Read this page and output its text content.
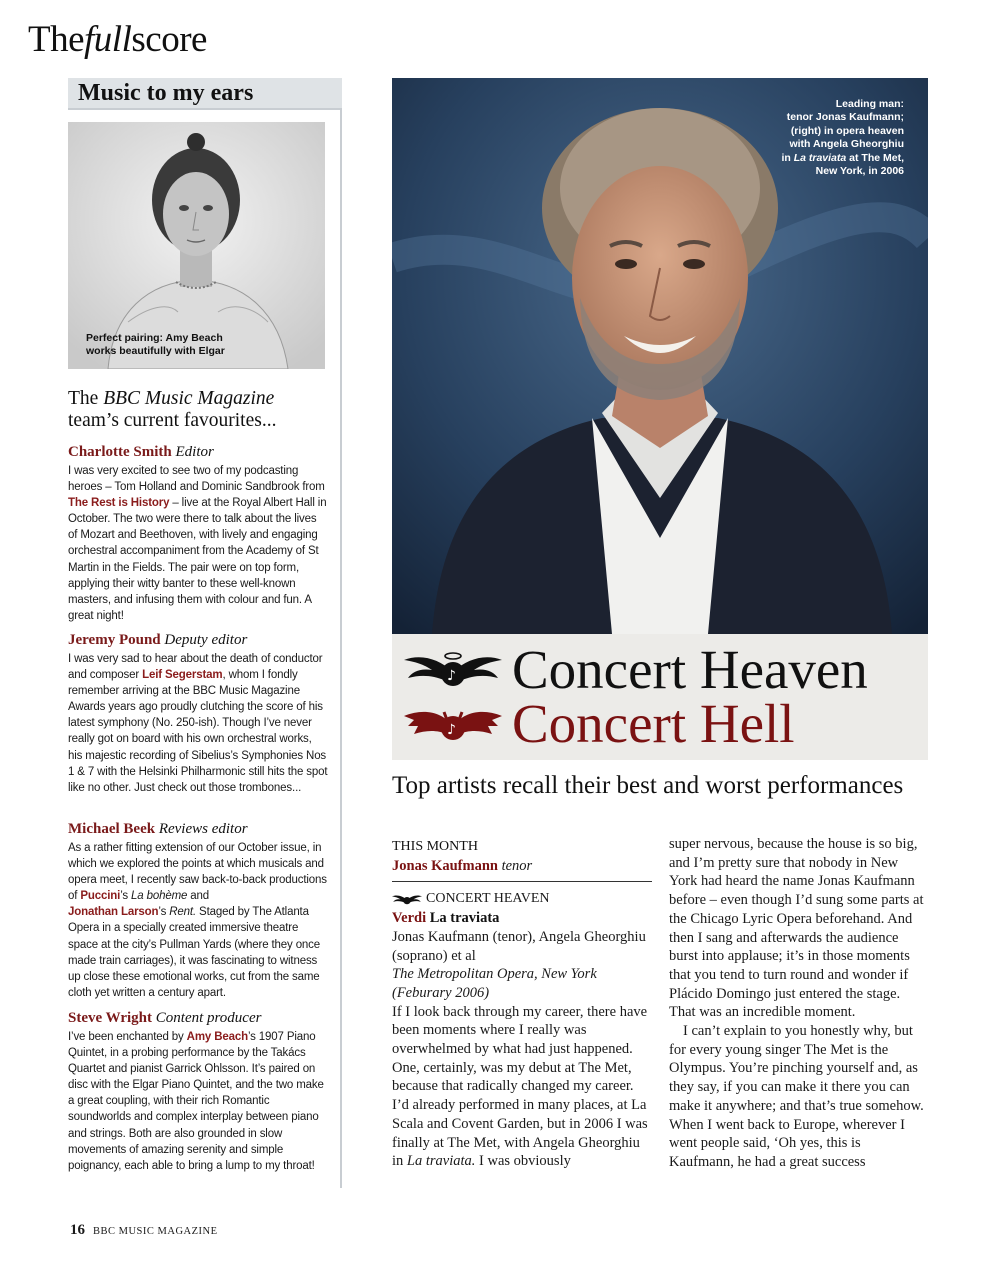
Thefullscore
Music to my ears
Perfect pairing: Amy Beach
works beautifully with Elgar
The BBC Music Magazine
team’s current favourites...
Charlotte Smith Editor
I was very excited to see two of my podcasting heroes – Tom Holland and Dominic Sandbrook from The Rest is History – live at the Royal Albert Hall in October. The two were there to talk about the lives of Mozart and Beethoven, with lively and engaging orchestral accompaniment from the Academy of St Martin in the Fields. The pair were on top form, applying their witty banter to these well-known masters, and infusing them with colour and fun. A great night!
Jeremy Pound Deputy editor
I was very sad to hear about the death of conductor and composer Leif Segerstam, whom I fondly remember arriving at the BBC Music Magazine Awards years ago proudly clutching the score of his latest symphony (No. 250-ish). Though I’ve never really got on board with his own orchestral works, his majestic recording of Sibelius’s Symphonies Nos 1 & 7 with the Helsinki Philharmonic still hits the spot like no other. Just check out those trombones...
Michael Beek Reviews editor
As a rather fitting extension of our October issue, in which we explored the points at which musicals and opera meet, I recently saw back-to-back productions of Puccini’s La bohème and
Jonathan Larson’s Rent. Staged by The Atlanta Opera in a specially created immersive theatre space at the city’s Pullman Yards (where they once made train carriages), it was fascinating to witness up close these emotional works, cut from the same cloth yet written a century apart.
Steve Wright Content producer
I’ve been enchanted by Amy Beach’s 1907 Piano Quintet, in a probing performance by the Takács Quartet and pianist Garrick Ohlsson. It’s paired on disc with the Elgar Piano Quintet, and the two make a great coupling, with their rich Romantic soundworlds and complex interplay between piano and strings. Both are also grounded in slow movements of amazing serenity and simple poignancy, each able to bring a lump to my throat!
Leading man:
tenor Jonas Kaufmann;
(right) in opera heaven
with Angela Gheorghiu
in La traviata at The Met,
New York, in 2006
♪ Concert Heaven
♪ Concert Hell
Top artists recall their best and worst performances
THIS MONTH
Jonas Kaufmann tenor
CONCERT HEAVEN
Verdi La traviata

Jonas Kaufmann (tenor), Angela Gheorghiu (soprano) et al

The Metropolitan Opera, New York (Feburary 2006)

If I look back through my career, there have been moments where I really was overwhelmed by what had just happened. One, certainly, was my debut at The Met, because that radically changed my career. I’d already performed in many places, at La Scala and Covent Garden, but in 2006 I was finally at The Met, with Angela Gheorghiu in La traviata. I was obviously

super nervous, because the house is so big, and I’m pretty sure that nobody in New York had heard the name Jonas Kaufmann before – even though I’d sung some parts at the Chicago Lyric Opera beforehand. And then I sang and afterwards the audience burst into applause; it’s in those moments that you tend to turn round and wonder if Plácido Domingo just entered the stage. That was an incredible moment.

I can’t explain to you honestly why, but for every young singer The Met is the Olympus. You’re pinching yourself and, as they say, if you can make it there you can make it anywhere; and that’s true somehow. When I went back to Europe, wherever I went people said, ‘Oh yes, this is Kaufmann, he had a great success

16 BBC MUSIC MAGAZINE
